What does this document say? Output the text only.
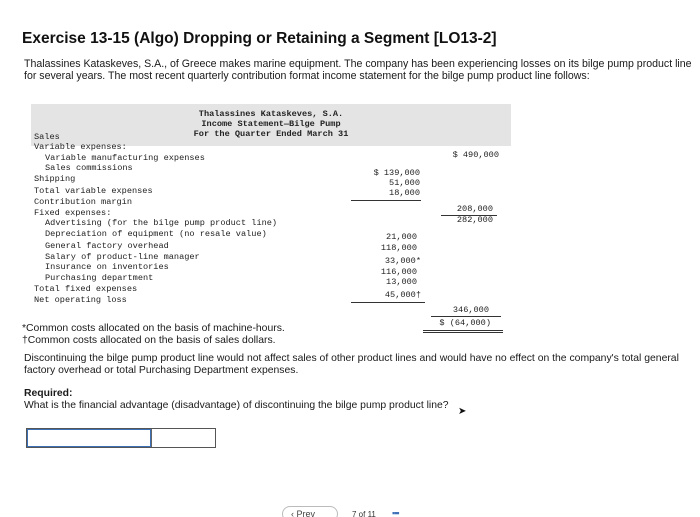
Exercise 13-15 (Algo) Dropping or Retaining a Segment [LO13-2]
Thalassines Kataskeves, S.A., of Greece makes marine equipment. The company has been experiencing losses on its bilge pump product line for several years. The most recent quarterly contribution format income statement for the bilge pump product line follows:
Thalassines Kataskeves, S.A.
Income Statement—Bilge Pump
For the Quarter Ended March 31
Sales
$ 490,000
Variable expenses:
Variable manufacturing expenses
$ 139,000
Sales commissions
51,000
Shipping
18,000
Total variable expenses
208,000
Contribution margin
282,000
Fixed expenses:
Advertising (for the bilge pump product line)
21,000
Depreciation of equipment (no resale value)
118,000
General factory overhead
33,000*
Salary of product-line manager
116,000
Insurance on inventories
13,000
Purchasing department
45,000†
Total fixed expenses
346,000
Net operating loss
$ (64,000)
*Common costs allocated on the basis of machine-hours.
†Common costs allocated on the basis of sales dollars.
Discontinuing the bilge pump product line would not affect sales of other product lines and would have no effect on the company's total general factory overhead or total Purchasing Department expenses.
Required:
What is the financial advantage (disadvantage) of discontinuing the bilge pump product line?
➤
‹ Prev	7 of 11 ▪▪▪
